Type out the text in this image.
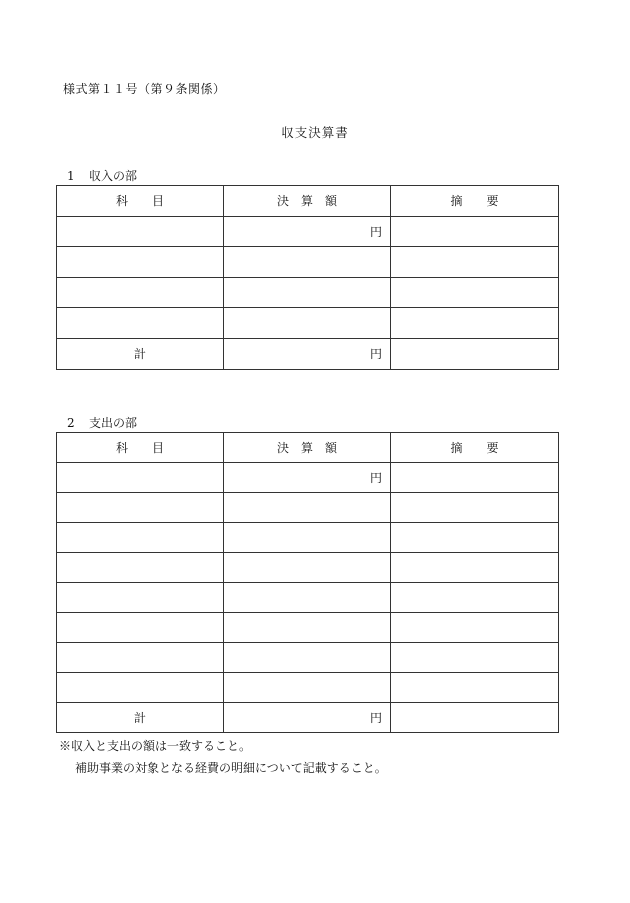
様式第１１号（第９条関係）
収支決算書
1 収入の部
科　　目	決　算　額	摘　　要
	円	

計	円	
2 支出の部
科　　目	決　算　額	摘　　要
	円	

計	円	
※収入と支出の額は一致すること。
補助事業の対象となる経費の明細について記載すること。
